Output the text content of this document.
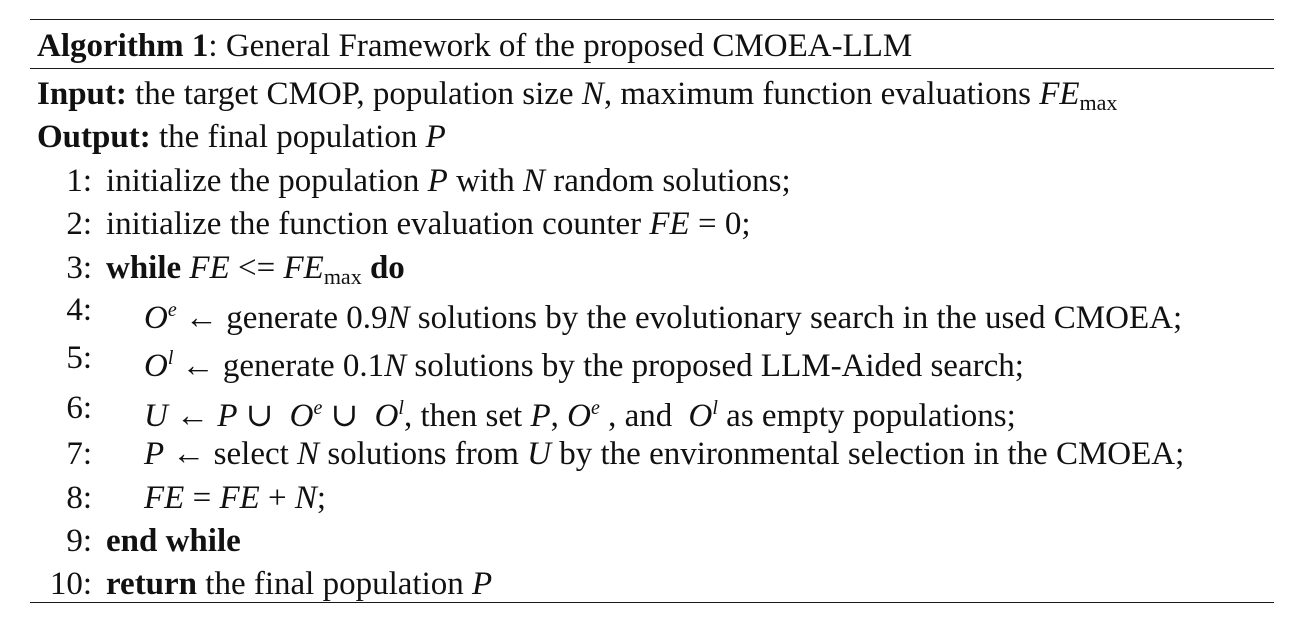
Algorithm 1: General Framework of the proposed CMOEA-LLM
Input: the target CMOP, population size N, maximum function evaluations $FE_{max}$
Output: the final population P
1: initialize the population P with N random solutions;
2: initialize the function evaluation counter FE = 0;
3: while FE <= $FE_{max}$ do
4: $O^e$ ← generate 0.9N solutions by the evolutionary search in the used CMOEA;
5: $O^l$ ← generate 0.1N solutions by the proposed LLM-Aided search;
6: U ← P ∪ $O^e$ ∪ $O^l$, then set P, $O^e$ , and $O^l$ as empty populations;
7: P ← select N solutions from U by the environmental selection in the CMOEA;
8: FE = FE + N;
9: end while
10: return the final population P
